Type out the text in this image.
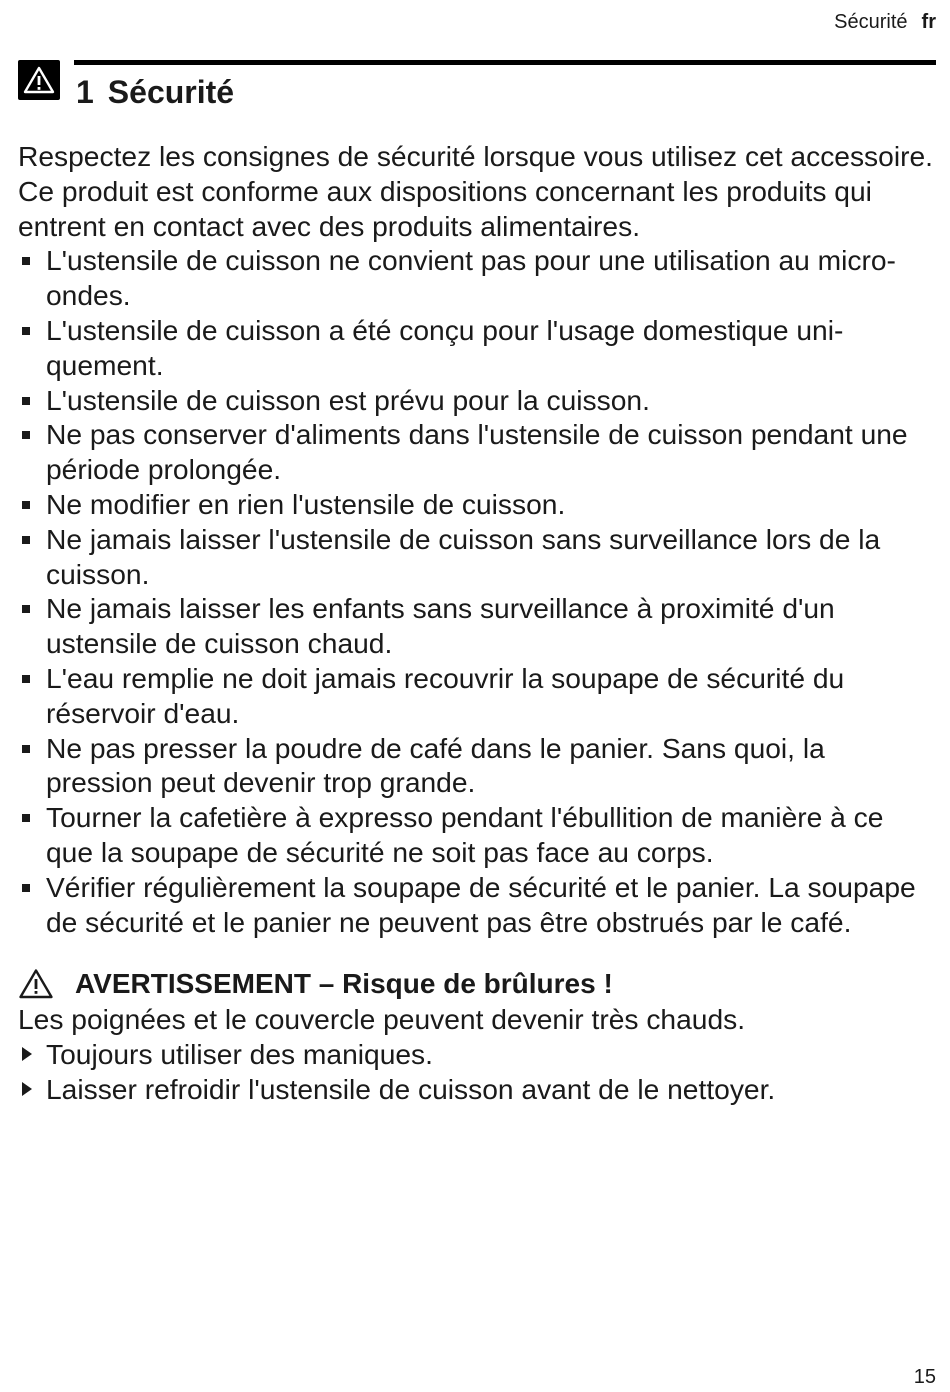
Sécurité fr
1 Sécurité

Respectez les consignes de sécurité lorsque vous utilisez cet accessoire.

Ce produit est conforme aux dispositions concernant les produits qui entrent en contact avec des produits alimentaires.

L'ustensile de cuisson ne convient pas pour une utilisation au micro-ondes.
L'ustensile de cuisson a été conçu pour l'usage domestique uniquement.
L'ustensile de cuisson est prévu pour la cuisson.
Ne pas conserver d'aliments dans l'ustensile de cuisson pendant une période prolongée.
Ne modifier en rien l'ustensile de cuisson.
Ne jamais laisser l'ustensile de cuisson sans surveillance lors de la cuisson.
Ne jamais laisser les enfants sans surveillance à proximité d'un ustensile de cuisson chaud.
L'eau remplie ne doit jamais recouvrir la soupape de sécurité du réservoir d'eau.
Ne pas presser la poudre de café dans le panier. Sans quoi, la pression peut devenir trop grande.
Tourner la cafetière à expresso pendant l'ébullition de manière à ce que la soupape de sécurité ne soit pas face au corps.
Vérifier régulièrement la soupape de sécurité et le panier. La soupape de sécurité et le panier ne peuvent pas être obstrués par le café.
AVERTISSEMENT – Risque de brûlures !

Les poignées et le couvercle peuvent devenir très chauds.

Toujours utiliser des maniques.
Laisser refroidir l'ustensile de cuisson avant de le nettoyer.
15
